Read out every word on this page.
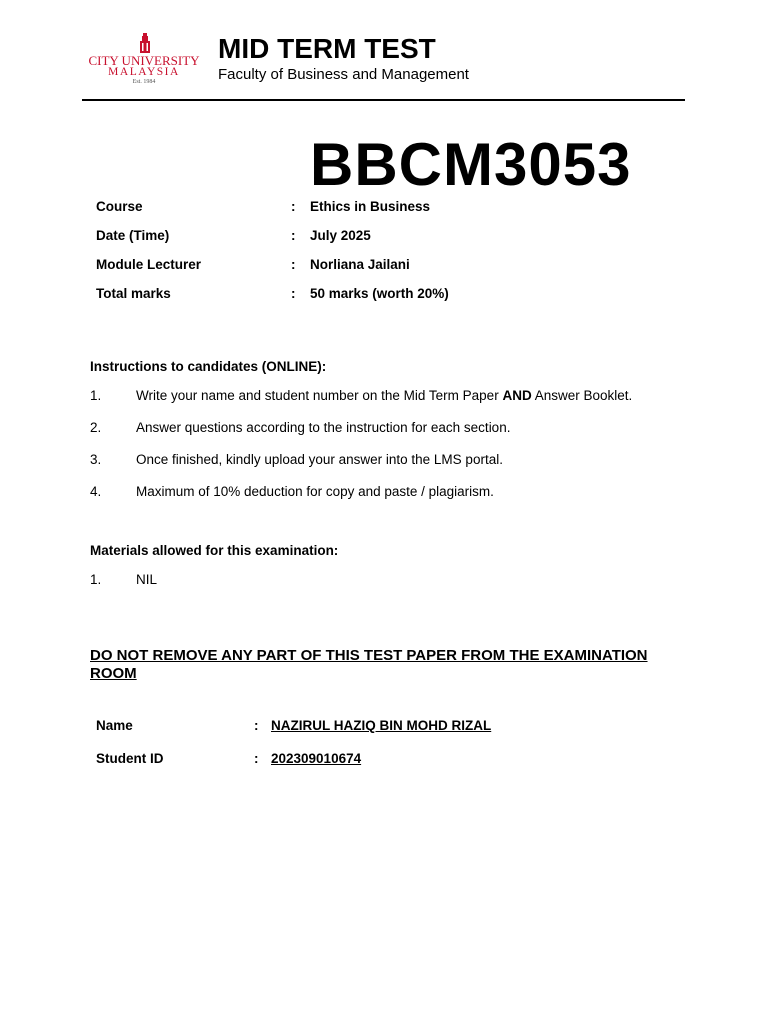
CITY UNIVERSITY
MALAYSIA
Est. 1984
MID TERM TEST
Faculty of Business and Management
BBCM3053
Course	: Ethics in Business
Date (Time)	: July 2025
Module Lecturer	: Norliana Jailani
Total marks	: 50 marks (worth 20%)
Instructions to candidates (ONLINE):
1.	Write your name and student number on the Mid Term Paper AND Answer Booklet.
2.	Answer questions according to the instruction for each section.
3.	Once finished, kindly upload your answer into the LMS portal.
4.	Maximum of 10% deduction for copy and paste / plagiarism.
Materials allowed for this examination:
1.	NIL
DO NOT REMOVE ANY PART OF THIS TEST PAPER FROM THE EXAMINATION ROOM
Name	: NAZIRUL HAZIQ BIN MOHD RIZAL
Student ID	: 202309010674
